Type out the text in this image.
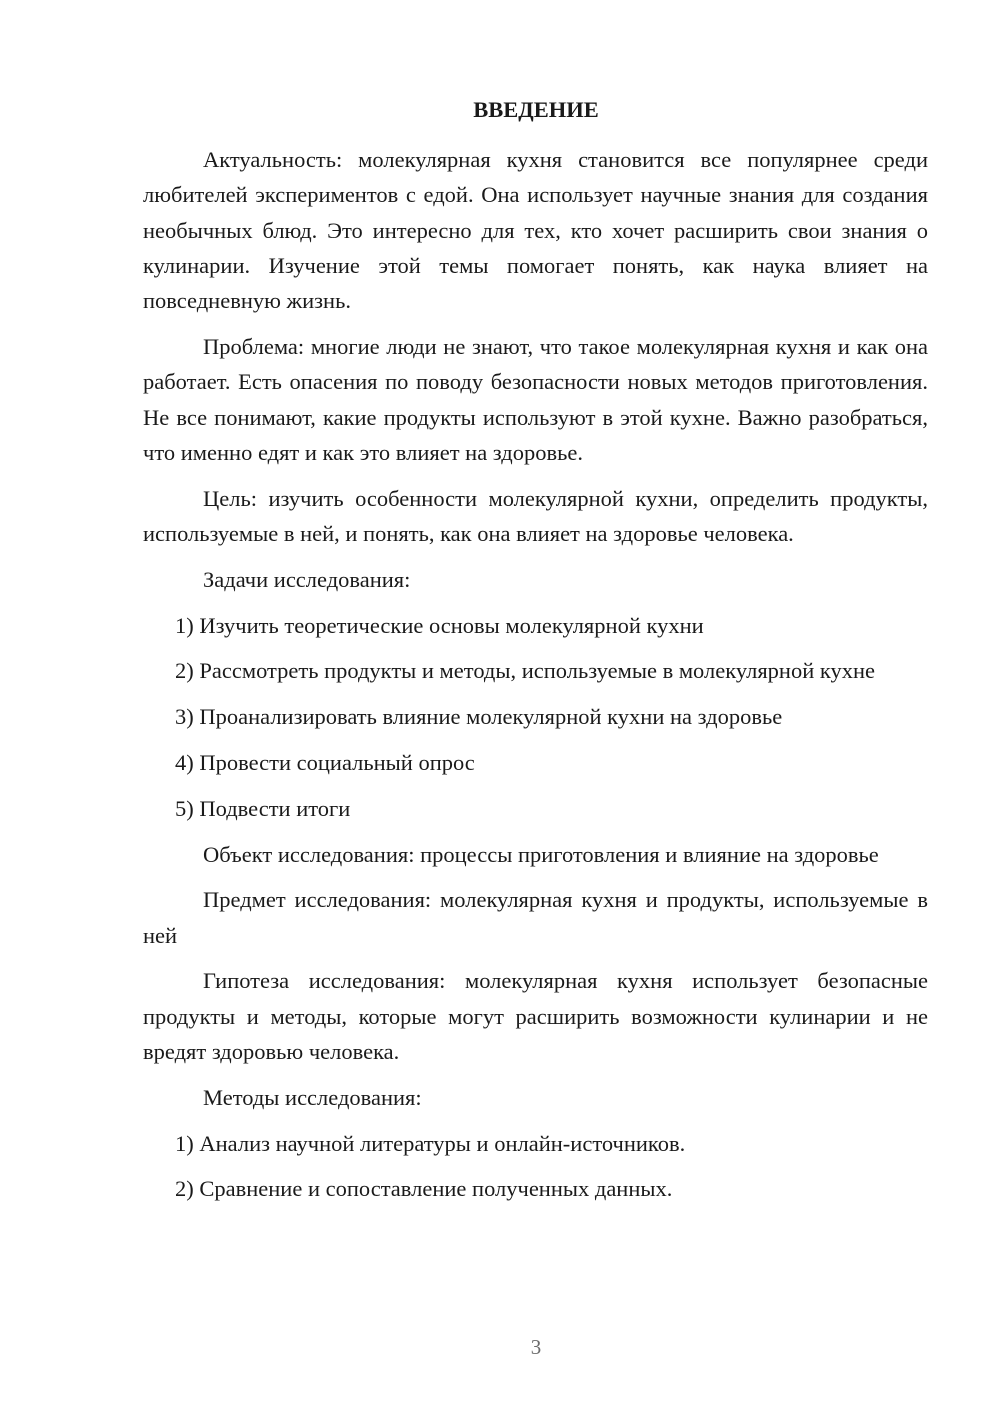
ВВЕДЕНИЕ

Актуальность: молекулярная кухня становится все популярнее среди любителей экспериментов с едой. Она использует научные знания для создания необычных блюд. Это интересно для тех, кто хочет расширить свои знания о кулинарии. Изучение этой темы помогает понять, как наука влияет на повседневную жизнь.

Проблема: многие люди не знают, что такое молекулярная кухня и как она работает. Есть опасения по поводу безопасности новых методов приготовления. Не все понимают, какие продукты используют в этой кухне. Важно разобраться, что именно едят и как это влияет на здоровье.

Цель: изучить особенности молекулярной кухни, определить продукты, используемые в ней, и понять, как она влияет на здоровье человека.

Задачи исследования:

1) Изучить теоретические основы молекулярной кухни

2) Рассмотреть продукты и методы, используемые в молекулярной кухне

3) Проанализировать влияние молекулярной кухни на здоровье

4) Провести социальный опрос

5) Подвести итоги

Объект исследования: процессы приготовления и влияние на здоровье

Предмет исследования: молекулярная кухня и продукты, используемые в ней

Гипотеза исследования: молекулярная кухня использует безопасные продукты и методы, которые могут расширить возможности кулинарии и не вредят здоровью человека.

Методы исследования:

1) Анализ научной литературы и онлайн-источников.

2) Сравнение и сопоставление полученных данных.

3
